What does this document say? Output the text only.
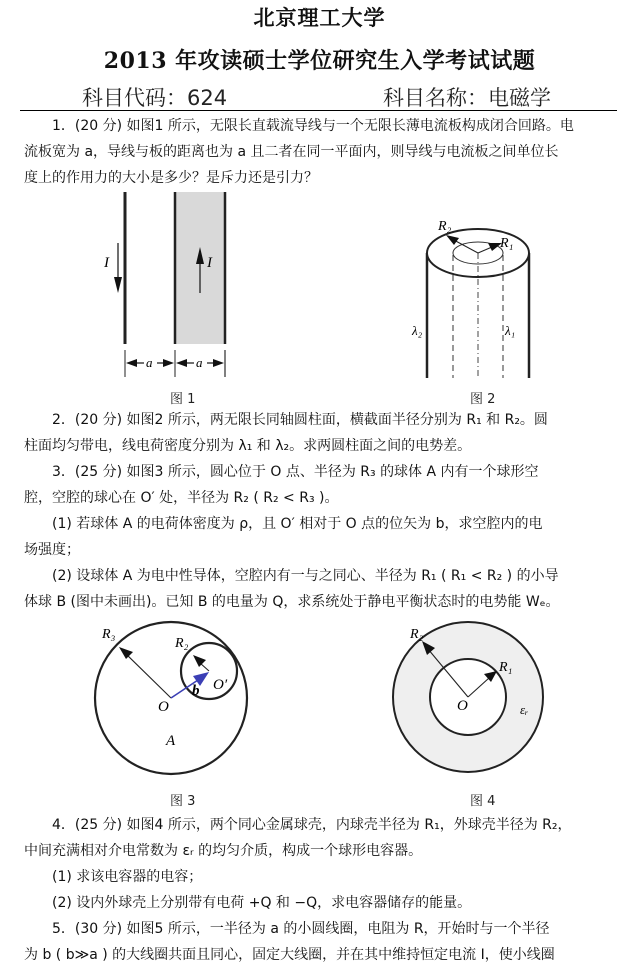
北京理工大学
2013 年攻读硕士学位研究生入学考试试题
科目代码：624	科目名称：电磁学
1．(20 分) 如图1 所示，无限长直载流导线与一个无限长薄电流板构成闭合回路。电
流板宽为 a，导线与板的距离也为 a 且二者在同一平面内，则导线与电流板之间单位长
度上的作用力的大小是多少？是斥力还是引力？
I	I
a	a
图 1
R₂
R₁
λ₂	λ₁
图 2
2．(20 分) 如图2 所示，两无限长同轴圆柱面，横截面半径分别为 R₁ 和 R₂。圆
柱面均匀带电，线电荷密度分别为 λ₁ 和 λ₂。求两圆柱面之间的电势差。
3．(25 分) 如图3 所示，圆心位于 O 点、半径为 R₃ 的球体 A 内有一个球形空
腔，空腔的球心在 O′ 处，半径为 R₂ ( R₂ < R₃ )。
(1) 若球体 A 的电荷体密度为 ρ，且 O′ 相对于 O 点的位矢为 b，求空腔内的电
场强度；
(2) 设球体 A 为电中性导体，空腔内有一与之同心、半径为 R₁ ( R₁ < R₂ ) 的小导
体球 B (图中未画出)。已知 B 的电量为 Q，求系统处于静电平衡状态时的电势能 Wₑ。
R₃
R₂
O
O′
b
A
图 3
R₂
R₁
O	εᵣ
图 4
4．(25 分) 如图4 所示，两个同心金属球壳，内球壳半径为 R₁，外球壳半径为 R₂，
中间充满相对介电常数为 εᵣ 的均匀介质，构成一个球形电容器。
(1) 求该电容器的电容；
(2) 设内外球壳上分别带有电荷 +Q 和 −Q，求电容器储存的能量。
5．(30 分) 如图5 所示，一半径为 a 的小圆线圈，电阻为 R，开始时与一个半径
为 b ( b≫a ) 的大线圈共面且同心，固定大线圈，并在其中维持恒定电流 I，使小线圈
